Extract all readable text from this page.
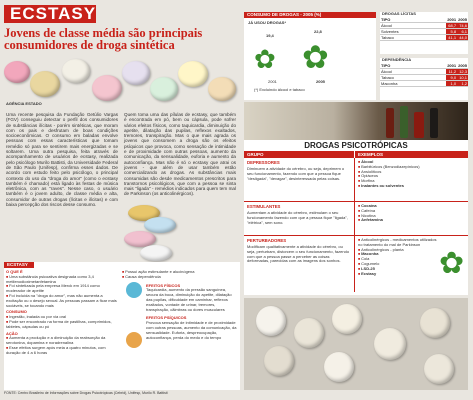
ECSTASY
Jovens de classe média são principais
consumidores de droga sintética
AGÊNCIA ESTADO
Uma recente pesquisa da Fundação Getúlio Vargas (FGV) conseguiu detectar o perfil dos consumidores de substâncias ilícitas - porém sintéticas, que moram com os pais e desfrutam de boas condições socioeconômicas. O consumo em baladas envolve pessoas com essas características que tomam remédio só para se sentirem mais energizadas e se soltarem. Uma outra pesquisa, feita através de acompanhamento de usuários de ecstasy, realizada pelo psicólogo Murilo Battisti, da Universidade Federal de São Paulo (Unifesp), confirma esses dados. De acordo com estudo feito pelo psicólogo, o principal contexto do uso da "droga do amor" (como o ecstasy também é chamado) está ligado às festas de música eletrônica, com as "raves". Nesse caso, o usuário também é o jovem adulto, de classe média e alta, consumidor de outras drogas (lícitas e ilícitas) e com baixa percepção dos riscos desse consumo.
Quem toma uma das pílulas de ecstasy, que também é encontrada em pó, bem ou cápsula, pode sofrer vários efeitos físicos, como taquicardia, diminuição do apetite, dilatação das pupilas, reflexos exaltados, tremores, transpiração. Mas o que mais agrada os jovens que consomem a droga são os efeitos psíquicos que provoca, como sensação de intimidade e de proximidade com outras pessoas, aumento da comunicação, da sensualidade, euforia e aumento da autoconfiança. Mas não é só o ecstasy que atrai os jovens - que além de usar também estão comercializando as drogas. As substâncias mais consumidas são desde medicamentos prescritos para transtornos psicológicos, que com a pessoa se sinta mais "ligada" - remédios indicados para quem tem mal de Parkinson (os anticolinérgicos).
CONSUMO DE DROGAS - 2005 (%)
JÁ USOU DROGAS*
19,4
22,8
✿ ✿
2001	2005
(*) Excluindo álcool e tabaco
DROGAS LÍCITAS
TIPO	2001	2005
Álcool	68,7	74,6
Solventes	5,8	6,1
Tabaco	41,1	44,0
DEPENDÊNCIA
TIPO	2001	2005
Álcool	11,2	12,3
Tabaco	9,0	10,1
Maconha	1,0	1,2
DROGAS PSICOTRÓPICAS
GRUPO	EXEMPLOS
DEPRESSORES
Diminuem a atividade do cérebro, ou seja, deprimem o seu funcionamento, fazendo com que a pessoa fique "desligada", "devagar", desinteressada pelas coisas.
■ Álcool
■ Barbitúricos (Benzodiazepínicos)
■ Ansiolíticos
■ Opiáceos
■ Morfina
■ Inalantes ou solventes
ESTIMULANTES
Aumentam a atividade do cérebro, estimulam o seu funcionamento fazendo com que a pessoa fique "ligada", "elétrica", sem sono.
■ Cocaína
■ Cafeína
■ Nicotina
■ Anfetamina
PERTURBADORES
Modificam qualitativamente a atividade do cérebro, ou seja, perturbam, distorcem o seu funcionamento, fazendo com que a pessoa passe a perceber as coisas deformadas, parecidas com as imagens dos sonhos.
■ Anticolinérgicos - medicamentos utilizados no tratamento do mal de Parkinson
■ Anticolinérgicos - planta
■ Maconha
■ Cola
■ Cogumelo
■ LSD-25
■ Ecstasy	✿
ECSTASY
O QUE É
■ Uma substância psicoativa designada como 3,4 metilenodioximetanfetamina
■ Foi sintetizada pela empresa Merck em 1914 como moderador de apetite
■ Foi incluída na "droga do amor", mas não aumenta a excitação ou o desejo sexual. As pessoas passam a ficar mais sociáveis, se tocando mais
CONSUMO
■ Ingestão, inalada ou por via oral
■ Pode ser encontrado na forma de pastilhas, comprimidos, tabletes, cápsulas ou pó
AÇÃO
■ Aumenta a produção e a diminuição da reabsorção da serotonina, dopamina e noradrenalina
■ Esse efeitos surgem após meia a quatro minutos, com duração de 4 a 6 horas
■ Possui ação estimulante e alucinógena
■ Causa dependência
EFEITOS FÍSICOS
Taquicardia, aumento da pressão sanguínea, secura da boca, diminuição do apetite, dilatação das pupilas, dificuldade em caminhar, reflexos exaltados, vontade de urinar, tremores, transpiração, cãimbras ou dores musculares
EFEITOS PSÍQUICOS
Provoca sensação de intimidade e de proximidade com outras pessoas, aumento da comunicação, da sensualidade. Euforia, despreocupação, autoconfiança, perda do medo e do tempo
FONTE: Centro Brasileiro de Informações sobre Drogas Psicotrópicas (Cebrid), Unifesp, Murilo R. Battisti
